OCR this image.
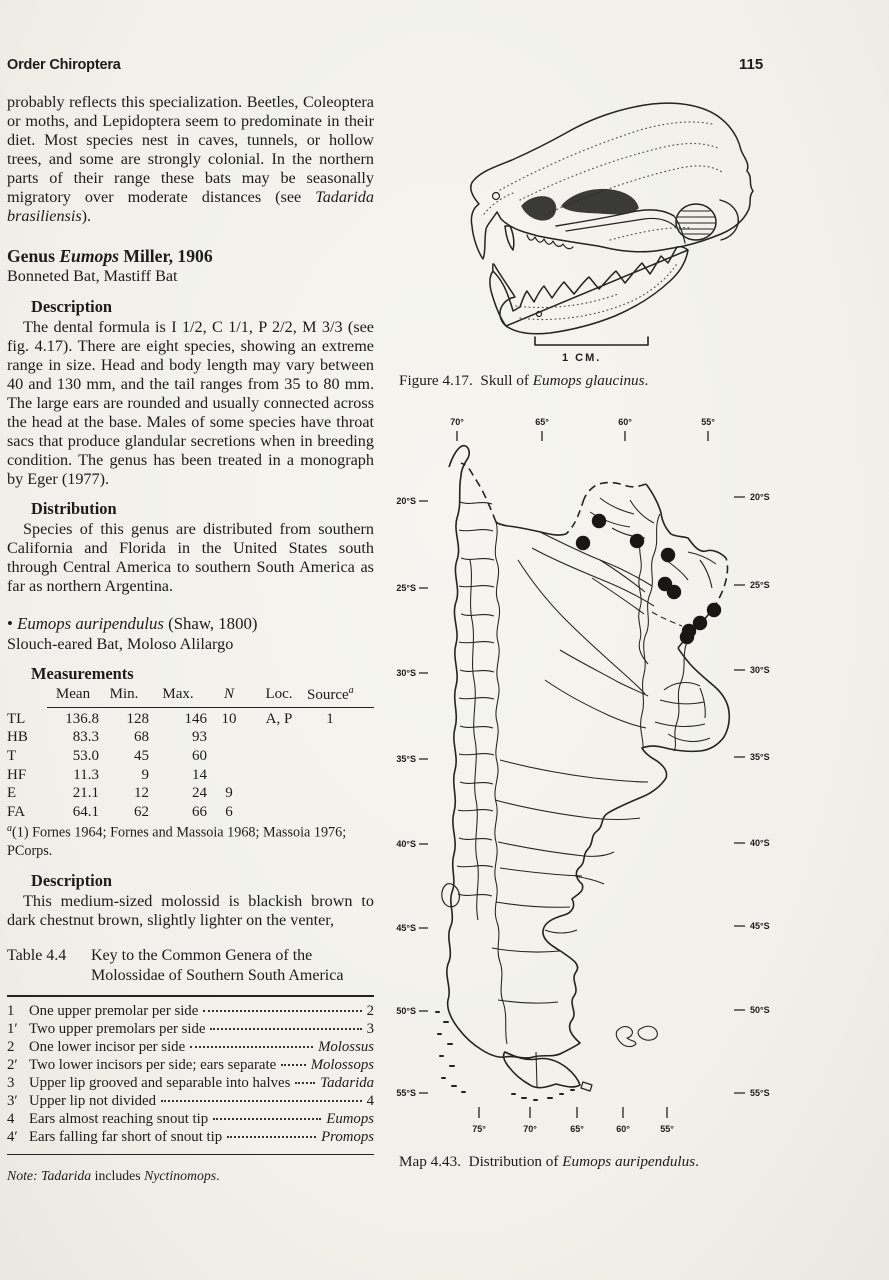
Order Chiroptera	115

probably reflects this specialization. Beetles, Coleoptera or moths, and Lepidoptera seem to predominate in their diet. Most species nest in caves, tunnels, or hollow trees, and some are strongly colonial. In the northern parts of their range these bats may be seasonally migratory over moderate distances (see Tadarida brasiliensis).

Genus Eumops Miller, 1906
Bonneted Bat, Mastiff Bat
Description

The dental formula is I 1/2, C 1/1, P 2/2, M 3/3 (see fig. 4.17). There are eight species, showing an extreme range in size. Head and body length may vary between 40 and 130 mm, and the tail ranges from 35 to 80 mm. The large ears are rounded and usually connected across the head at the base. Males of some species have throat sacs that produce glandular secretions when in breeding condition. The genus has been treated in a monograph by Eger (1977).

Distribution

Species of this genus are distributed from southern California and Florida in the United States south through Central America to southern South America as far as northern Argentina.

• Eumops auripendulus (Shaw, 1800)
Slouch-eared Bat, Moloso Alilargo
Measurements
Mean	Min.	Max.	N	Loc. Source$^a$
TL	136.8	128	146 10	A, P	1
HB	83.3	68	93
T	53.0	45	60
HF	11.3	9	14
E	21.1	12	24	9
FA	64.1	62	66	6
$^a$(1) Fornes 1964; Fornes and Massoia 1968; Massoia 1976; PCorps.
Description

This medium-sized molossid is blackish brown to dark chestnut brown, slightly lighter on the venter,

Table 4.4	Key to the Common Genera of the
Molossidae of Southern South America
1 One upper premolar per side	2
1′ Two upper premolars per side	3
2 One lower incisor per side	Molossus
2′ Two lower incisors per side; ears separate Molossops
3 Upper lip grooved and separable into halves Tadarida
3′ Upper lip not divided	4
4 Ears almost reaching snout tip	Eumops
4′ Ears falling far short of snout tip	Promops
Note: Tadarida includes Nyctinomops.
1 CM.
Figure 4.17.  Skull of Eumops glaucinus.
70°	65°	60°	55°
75°	70°	65°	60°	55°
20°S
25°S
30°S
35°S
40°S
45°S
50°S
55°S
20°S
25°S
30°S
35°S
40°S
45°S
50°S
55°S
Map 4.43.  Distribution of Eumops auripendulus.
